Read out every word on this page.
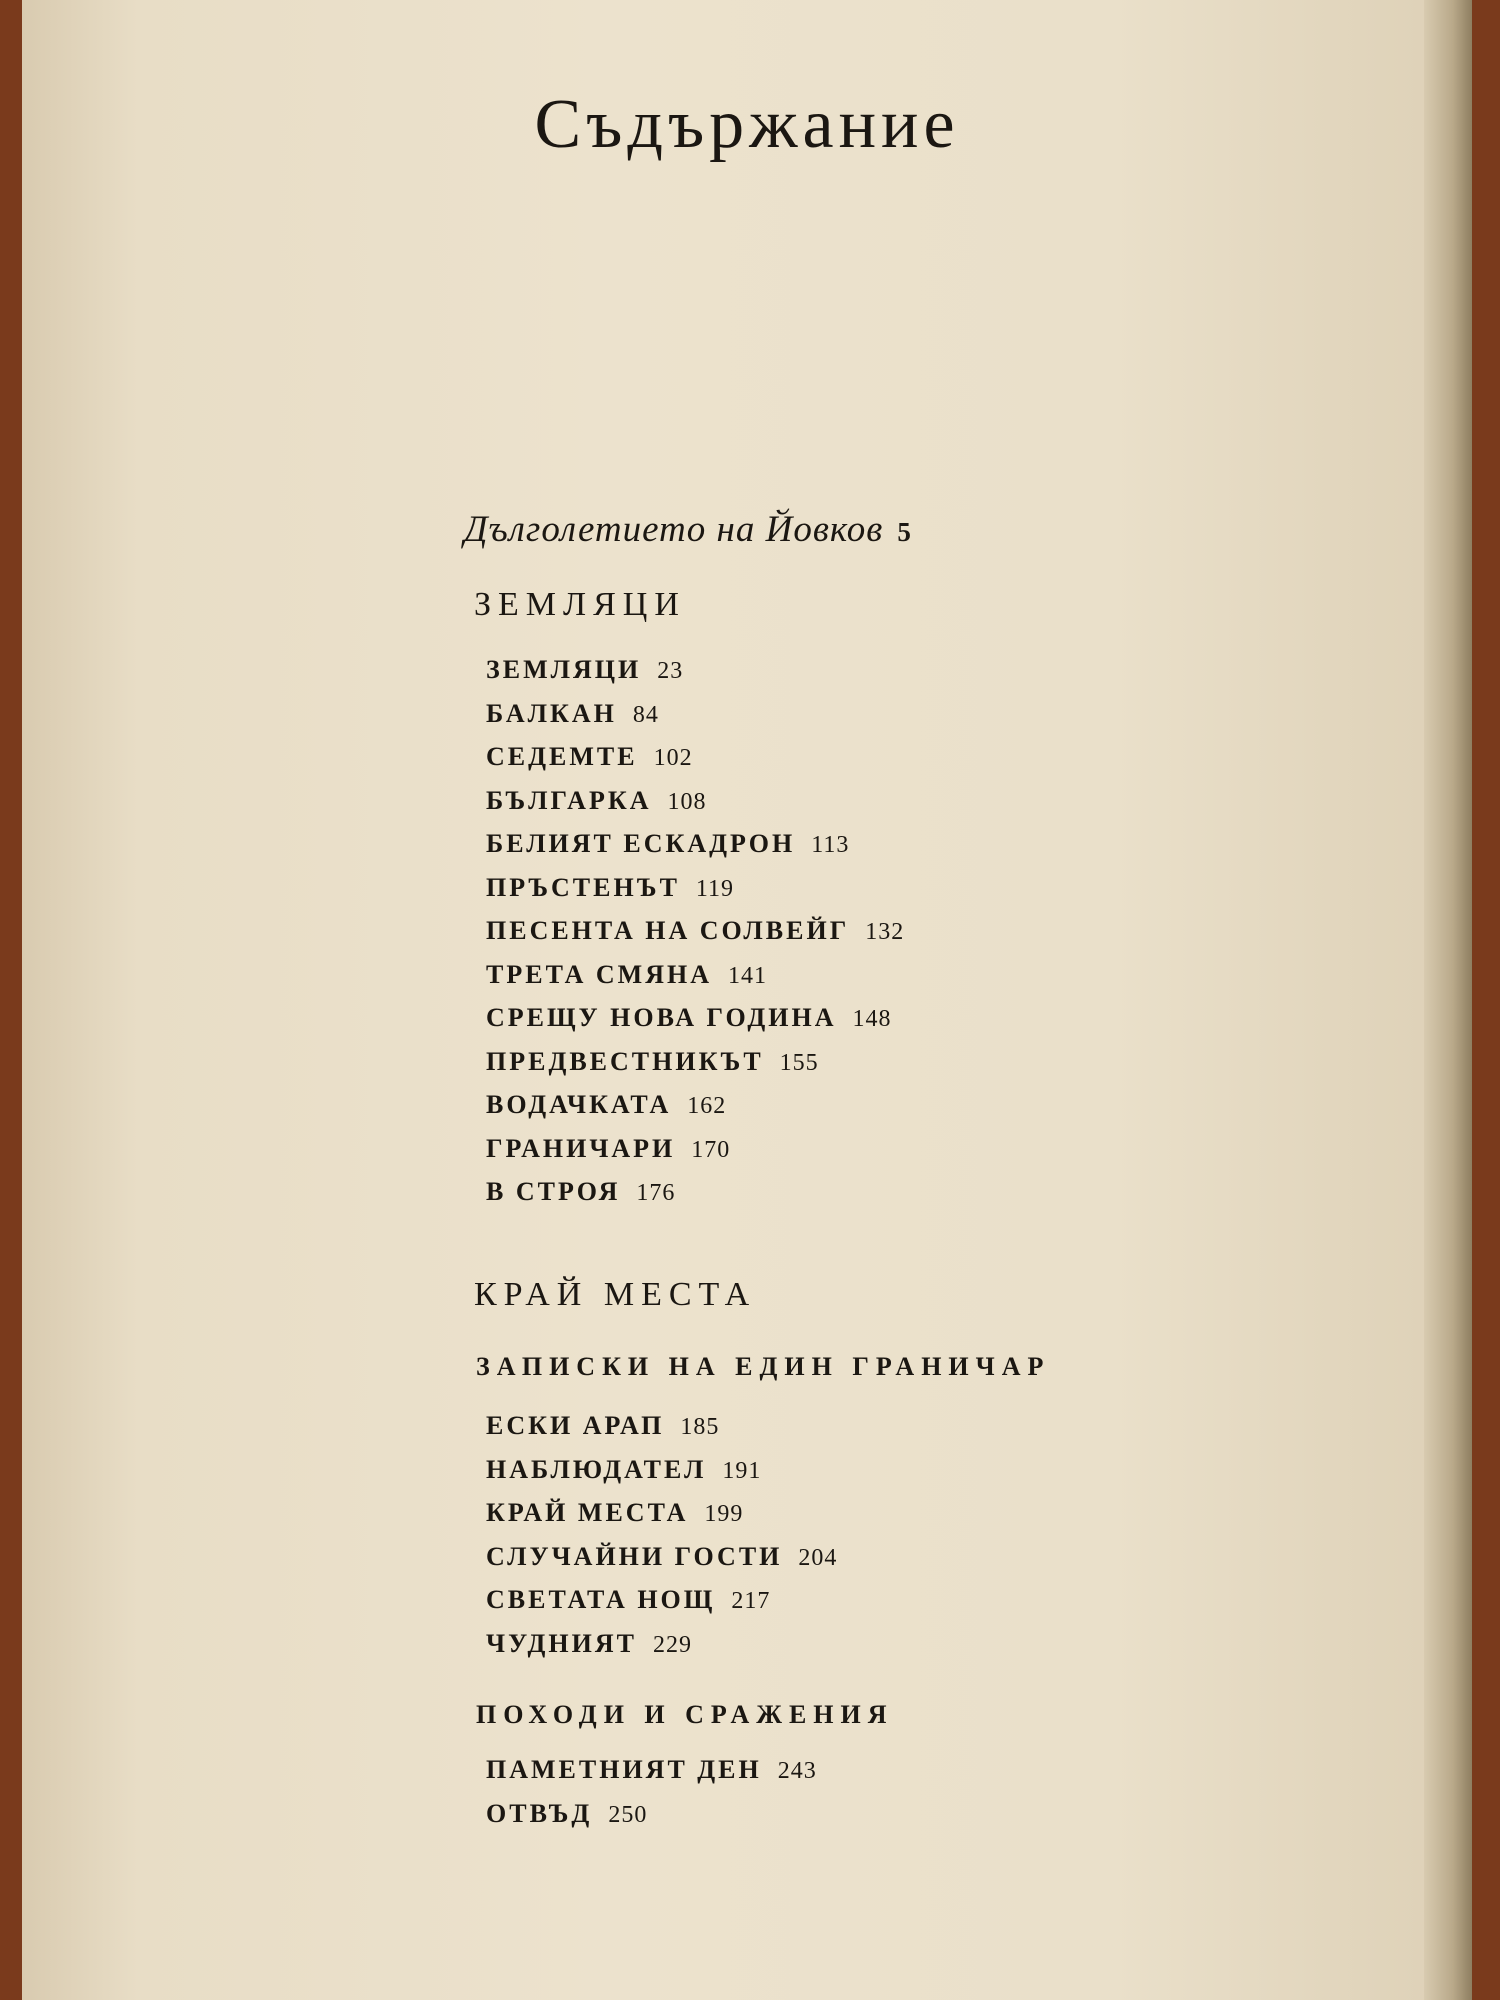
Съдържание
Дълголетието на Йовков 5
ЗЕМЛЯЦИ
ЗЕМЛЯЦИ 23
БАЛКАН 84
СЕДЕМТЕ 102
БЪЛГАРКА 108
БЕЛИЯТ ЕСКАДРОН 113
ПРЪСТЕНЪТ 119
ПЕСЕНТА НА СОЛВЕЙГ 132
ТРЕТА СМЯНА 141
СРЕЩУ НОВА ГОДИНА 148
ПРЕДВЕСТНИКЪТ 155
ВОДАЧКАТА 162
ГРАНИЧАРИ 170
В СТРОЯ 176
КРАЙ МЕСТА
ЗАПИСКИ НА ЕДИН ГРАНИЧАР
ЕСКИ АРАП 185
НАБЛЮДАТЕЛ 191
КРАЙ МЕСТА 199
СЛУЧАЙНИ ГОСТИ 204
СВЕТАТА НОЩ 217
ЧУДНИЯТ 229
ПОХОДИ И СРАЖЕНИЯ
ПАМЕТНИЯТ ДЕН 243
ОТВЪД 250
